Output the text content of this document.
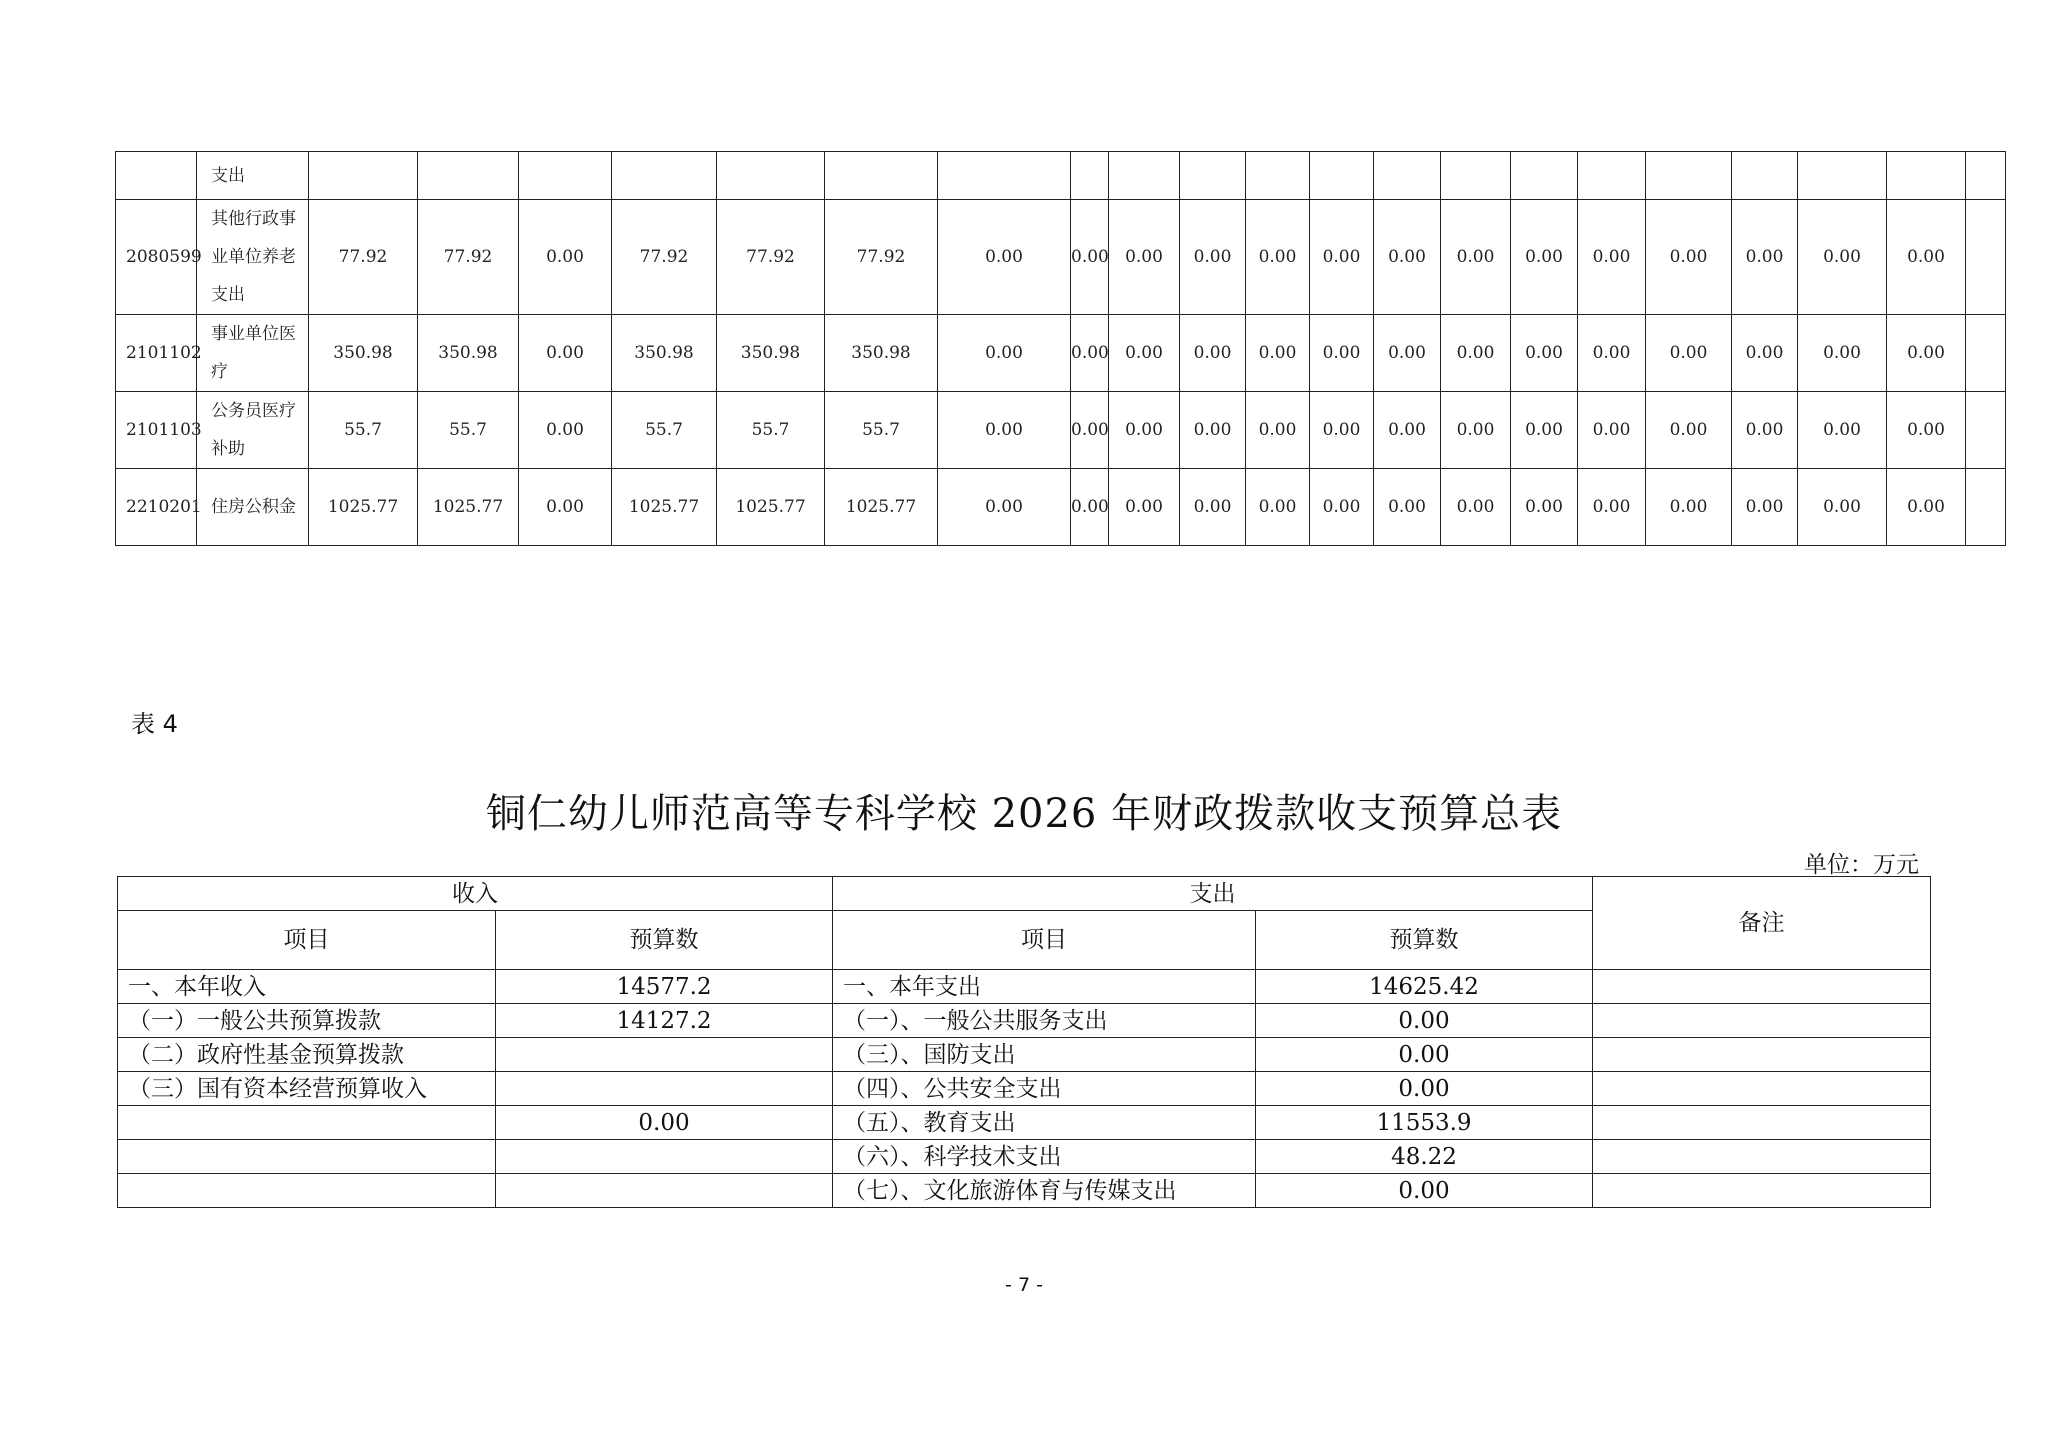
	支出																					
2080599	其他行政事业单位养老支出	77.92	77.92	0.00	77.92	77.92	77.92	0.00	0.00	0.00	0.00	0.00	0.00	0.00	0.00	0.00	0.00	0.00	0.00	0.00	0.00	
2101102	事业单位医疗	350.98	350.98	0.00	350.98	350.98	350.98	0.00	0.00	0.00	0.00	0.00	0.00	0.00	0.00	0.00	0.00	0.00	0.00	0.00	0.00	
2101103	公务员医疗补助	55.7	55.7	0.00	55.7	55.7	55.7	0.00	0.00	0.00	0.00	0.00	0.00	0.00	0.00	0.00	0.00	0.00	0.00	0.00	0.00	
2210201	住房公积金	1025.77	1025.77	0.00	1025.77	1025.77	1025.77	0.00	0.00	0.00	0.00	0.00	0.00	0.00	0.00	0.00	0.00	0.00	0.00	0.00	0.00	
表 4
铜仁幼儿师范高等专科学校 2026 年财政拨款收支预算总表
单位：万元
收入		支出		备注
项目	预算数	项目	预算数	
一、本年收入	14577.2	一、本年支出	14625.42	
（一）一般公共预算拨款	14127.2	（一）、一般公共服务支出	0.00	
（二）政府性基金预算拨款		（三）、国防支出	0.00	
（三）国有资本经营预算收入		（四）、公共安全支出	0.00	
	0.00	（五）、教育支出	11553.9	
		（六）、科学技术支出	48.22	
		（七）、文化旅游体育与传媒支出	0.00	
- 7 -
